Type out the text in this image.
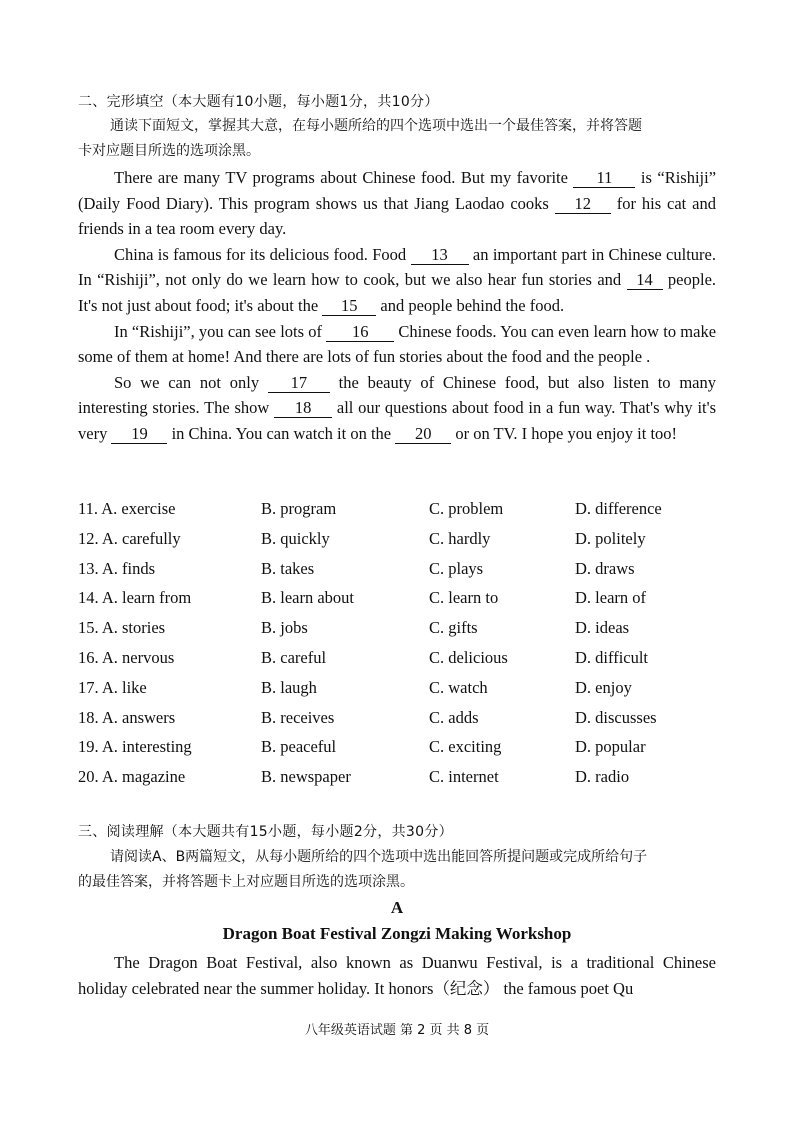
二、完形填空（本大题有10小题，每小题1分，共10分）
通读下面短文，掌握其大意，在每小题所给的四个选项中选出一个最佳答案，并将答题
卡对应题目所选的选项涂黑。

There are many TV programs about Chinese food. But my favorite 11 is “Rishiji” (Daily Food Diary). This program shows us that Jiang Laodao cooks 12 for his cat and friends in a tea room every day.

China is famous for its delicious food. Food 13 an important part in Chinese culture. In “Rishiji”, not only do we learn how to cook, but we also hear fun stories and 14 people. It's not just about food; it's about the 15 and people behind the food.

In “Rishiji”, you can see lots of 16 Chinese foods. You can even learn how to make some of them at home! And there are lots of fun stories about the food and the people .

So we can not only 17 the beauty of Chinese food, but also listen to many interesting stories. The show 18 all our questions about food in a fun way. That's why it's very 19 in China. You can watch it on the 20 or on TV. I hope you enjoy it too!

11. A. exercise	B. program	C. problem	D. difference
12. A. carefully	B. quickly	C. hardly	D. politely
13. A. finds	B. takes	C. plays	D. draws
14. A. learn from	B. learn about	C. learn to	D. learn of
15. A. stories	B. jobs	C. gifts	D. ideas
16. A. nervous	B. careful	C. delicious	D. difficult
17. A. like	B. laugh	C. watch	D. enjoy
18. A. answers	B. receives	C. adds	D. discusses
19. A. interesting	B. peaceful	C. exciting	D. popular
20. A. magazine	B. newspaper	C. internet	D. radio
三、阅读理解（本大题共有15小题，每小题2分，共30分）
请阅读A、B两篇短文，从每小题所给的四个选项中选出能回答所提问题或完成所给句子
的最佳答案，并将答题卡上对应题目所选的选项涂黑。
A
Dragon Boat Festival Zongzi Making Workshop

The Dragon Boat Festival, also known as Duanwu Festival, is a traditional Chinese holiday celebrated near the summer holiday. It honors（纪念） the famous poet Qu

八年级英语试题 第 2 页 共 8 页
